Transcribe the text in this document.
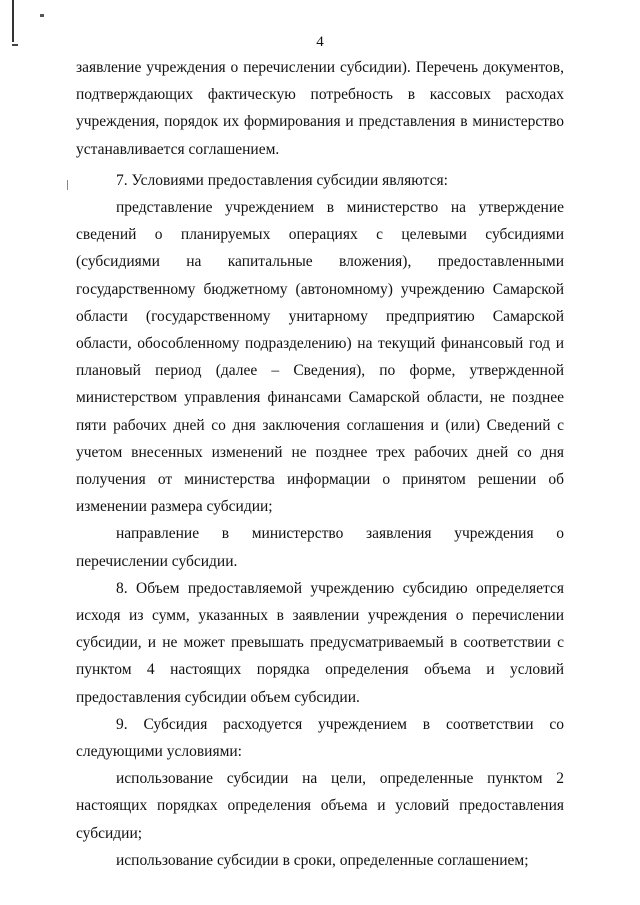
4

заявление учреждения о перечислении субсидии). Перечень документов, подтверждающих фактическую потребность в кассовых расходах учреждения, порядок их формирования и представления в министерство устанавливается соглашением.

7. Условиями предоставления субсидии являются:

представление учреждением в министерство на утверждение сведений о планируемых операциях с целевыми субсидиями (субсидиями на капитальные вложения), предоставленными государственному бюджетному (автономному) учреждению Самарской области (государственному унитарному предприятию Самарской области, обособленному подразделению) на текущий финансовый год и плановый период (далее – Сведения), по форме, утвержденной министерством управления финансами Самарской области, не позднее пяти рабочих дней со дня заключения соглашения и (или) Сведений с учетом внесенных изменений не позднее трех рабочих дней со дня получения от министерства информации о принятом решении об изменении размера субсидии;

направление в министерство заявления учреждения о перечислении субсидии.

8. Объем предоставляемой учреждению субсидию определяется исходя из сумм, указанных в заявлении учреждения о перечислении субсидии, и не может превышать предусматриваемый в соответствии с пунктом 4 настоящих порядка определения объема и условий предоставления субсидии объем субсидии.

9. Субсидия расходуется учреждением в соответствии со следующими условиями:

использование субсидии на цели, определенные пунктом 2 настоящих порядках определения объема и условий предоставления субсидии;

использование субсидии в сроки, определенные соглашением;
